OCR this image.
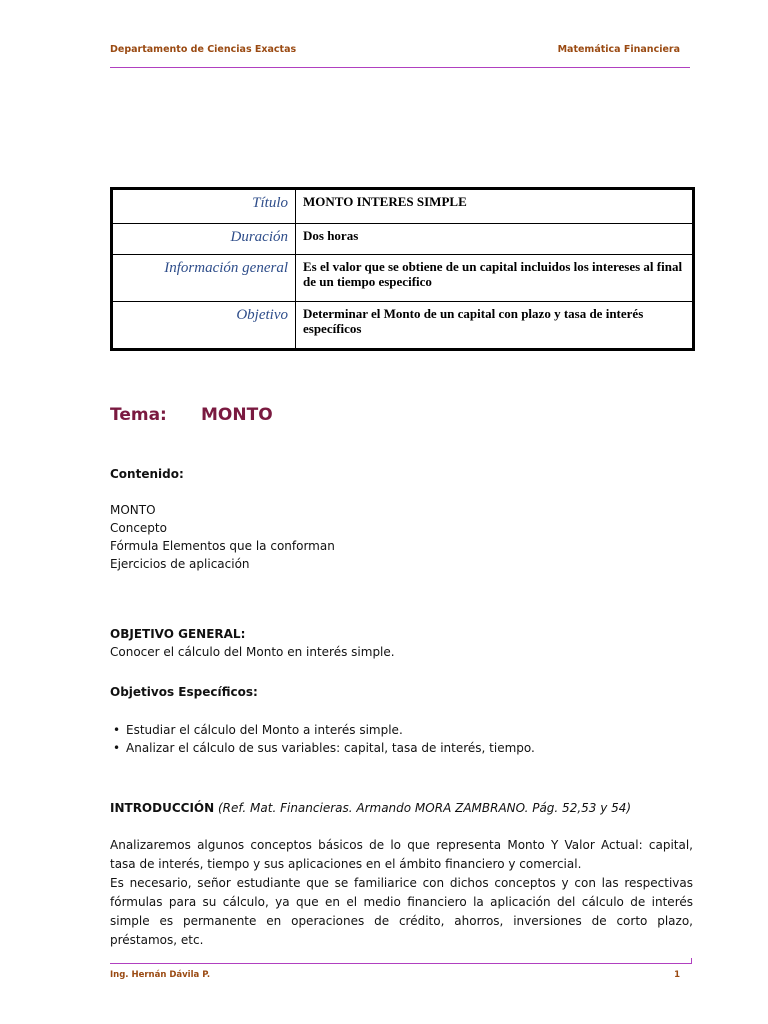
Departamento de Ciencias Exactas	Matemática Financiera
Título	MONTO INTERES SIMPLE
Duración	Dos horas
Información general	Es el valor que se obtiene de un capital incluidos los intereses al final de un tiempo especifico
Objetivo	Determinar el Monto de un capital con plazo y tasa de interés específicos
Tema: MONTO
Contenido:
MONTO
Concepto
Fórmula Elementos que la conforman
Ejercicios de aplicación
OBJETIVO GENERAL:
Conocer el cálculo del Monto en interés simple.
Objetivos Específicos:
• Estudiar el cálculo del Monto a interés simple.
• Analizar el cálculo de sus variables: capital, tasa de interés, tiempo.
INTRODUCCIÓN (Ref. Mat. Financieras. Armando MORA ZAMBRANO. Pág. 52,53 y 54)

Analizaremos algunos conceptos básicos de lo que representa Monto Y Valor Actual: capital, tasa de interés, tiempo y sus aplicaciones en el ámbito financiero y comercial.

Es necesario, señor estudiante que se familiarice con dichos conceptos y con las respectivas fórmulas para su cálculo, ya que en el medio financiero la aplicación del cálculo de interés simple es permanente en operaciones de crédito, ahorros, inversiones de corto plazo, préstamos, etc.

Ing. Hernán Dávila P.	1
